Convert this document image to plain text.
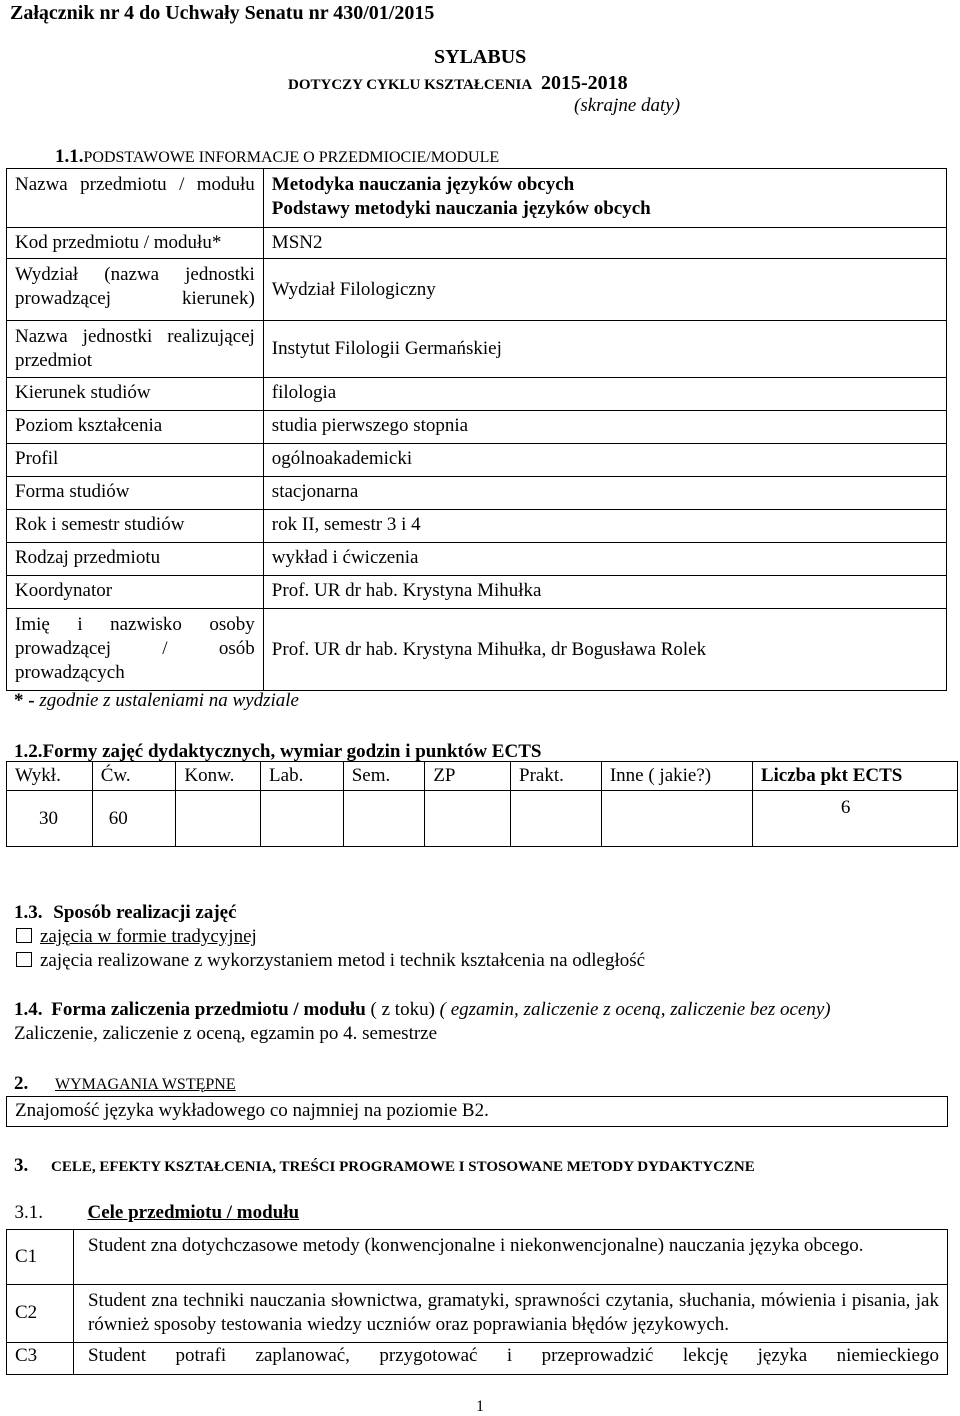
Załącznik nr 4 do Uchwały Senatu nr 430/01/2015
SYLABUS
DOTYCZY CYKLU KSZTAŁCENIA 2015-2018
(skrajne daty)
1.1.PODSTAWOWE INFORMACJE O PRZEDMIOCIE/MODULE
Nazwa przedmiotu / modułu	Metodyka nauczania języków obcych
Podstawy metodyki nauczania języków obcych

Kod przedmiotu / modułu*	MSN2

Wydział (nazwa jednostki prowadzącej kierunek)	Wydział Filologiczny

Nazwa jednostki realizującej przedmiot	Instytut Filologii Germańskiej
Kierunek studiów	filologia
Poziom kształcenia	studia pierwszego stopnia
Profil	ogólnoakademicki
Forma studiów	stacjonarna
Rok i semestr studiów	rok II, semestr 3 i 4
Rodzaj przedmiotu	wykład i ćwiczenia
Koordynator	Prof. UR dr hab. Krystyna Mihułka

Imię i nazwisko osoby prowadzącej / osób prowadzących	Prof. UR dr hab. Krystyna Mihułka, dr Bogusława Rolek
* - zgodnie z ustaleniami na wydziale
1.2.Formy zajęć dydaktycznych, wymiar godzin i punktów ECTS
Wykł.	Ćw.	Konw.	Lab.	Sem.	ZP	Prakt.	Inne ( jakie?)	Liczba pkt ECTS
30	60							6
1.3. Sposób realizacji zajęć
zajęcia w formie tradycyjnej
zajęcia realizowane z wykorzystaniem metod i technik kształcenia na odległość
1.4. Forma zaliczenia przedmiotu / modułu ( z toku) ( egzamin, zaliczenie z oceną, zaliczenie bez oceny)
Zaliczenie, zaliczenie z oceną, egzamin po 4. semestrze
2. WYMAGANIA WSTĘPNE
Znajomość języka wykładowego co najmniej na poziomie B2.
3. CELE, EFEKTY KSZTAŁCENIA, TREŚCI PROGRAMOWE I STOSOWANE METODY DYDAKTYCZNE
3.1.	Cele przedmiotu / modułu
C1	Student zna dotychczasowe metody (konwencjonalne i niekonwencjonalne) nauczania języka obcego.
C2	Student zna techniki nauczania słownictwa, gramatyki, sprawności czytania, słuchania, mówienia i pisania, jak również sposoby testowania wiedzy uczniów oraz poprawiania błędów językowych.
C3	Student potrafi zaplanować, przygotować i przeprowadzić lekcję języka niemieckiego
1
